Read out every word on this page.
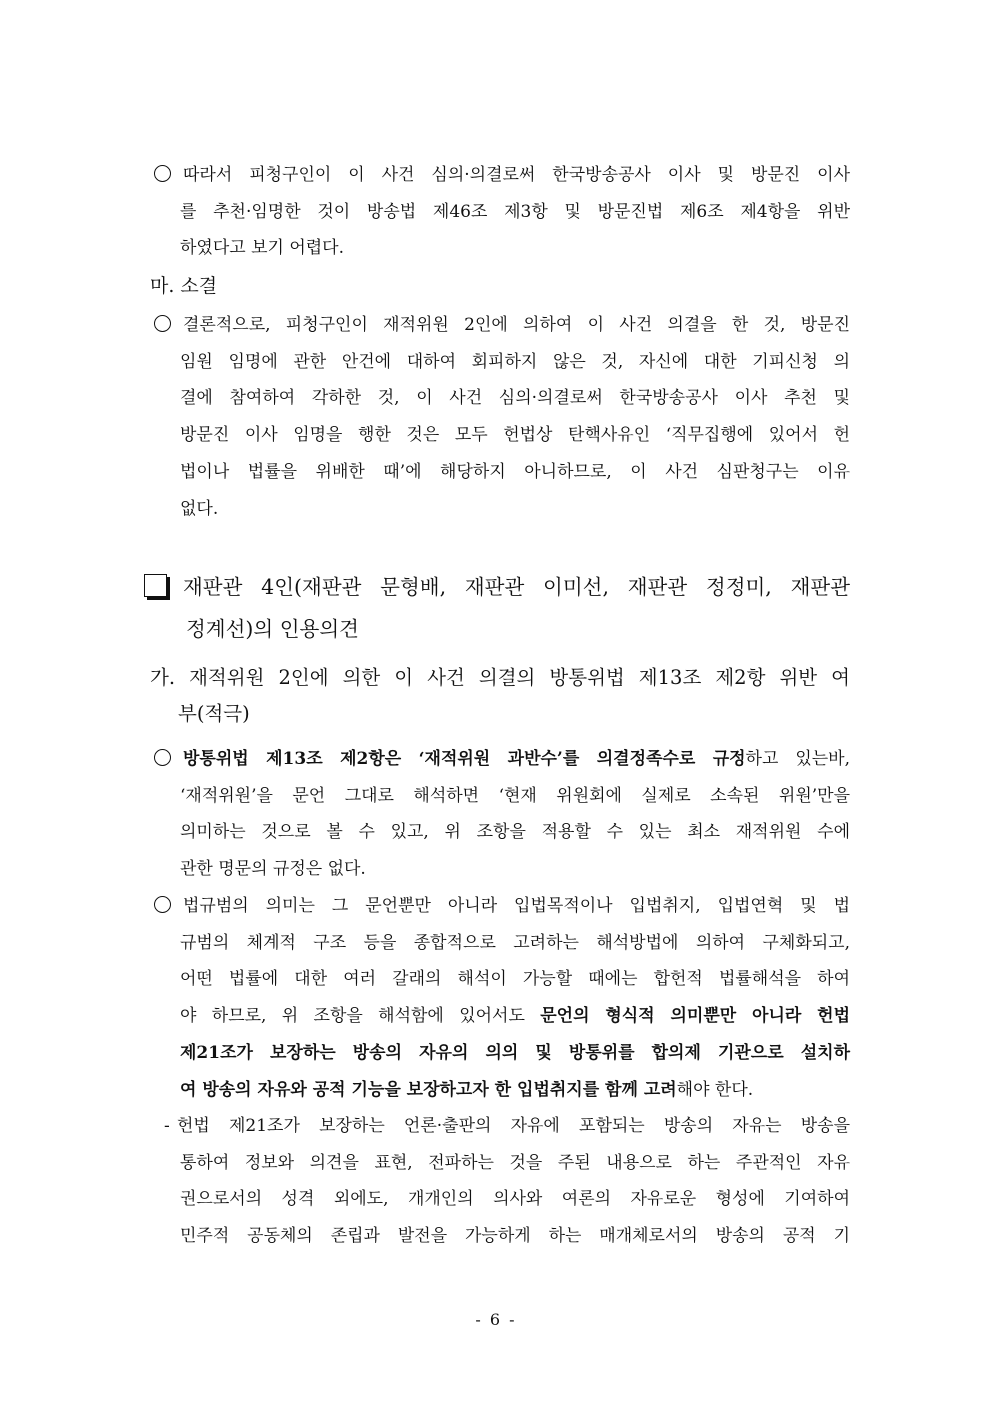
따라서 피청구인이 이 사건 심의·의결로써 한국방송공사 이사 및 방문진 이사
를 추천·임명한 것이 방송법 제46조 제3항 및 방문진법 제6조 제4항을 위반
하였다고 보기 어렵다.
마. 소결
결론적으로, 피청구인이 재적위원 2인에 의하여 이 사건 의결을 한 것, 방문진
임원 임명에 관한 안건에 대하여 회피하지 않은 것, 자신에 대한 기피신청 의
결에 참여하여 각하한 것, 이 사건 심의·의결로써 한국방송공사 이사 추천 및
방문진 이사 임명을 행한 것은 모두 헌법상 탄핵사유인 ‘직무집행에 있어서 헌
법이나 법률을 위배한 때’에 해당하지 아니하므로, 이 사건 심판청구는 이유
없다.
재판관 4인(재판관 문형배, 재판관 이미선, 재판관 정정미, 재판관
정계선)의 인용의견
가. 재적위원 2인에 의한 이 사건 의결의 방통위법 제13조 제2항 위반 여
부(적극)
방통위법 제13조 제2항은 ‘재적위원 과반수’를 의결정족수로 규정하고 있는바,
‘재적위원’을 문언 그대로 해석하면 ‘현재 위원회에 실제로 소속된 위원’만을
의미하는 것으로 볼 수 있고, 위 조항을 적용할 수 있는 최소 재적위원 수에
관한 명문의 규정은 없다.
법규범의 의미는 그 문언뿐만 아니라 입법목적이나 입법취지, 입법연혁 및 법
규범의 체계적 구조 등을 종합적으로 고려하는 해석방법에 의하여 구체화되고,
어떤 법률에 대한 여러 갈래의 해석이 가능할 때에는 합헌적 법률해석을 하여
야 하므로, 위 조항을 해석함에 있어서도 문언의 형식적 의미뿐만 아니라 헌법
제21조가 보장하는 방송의 자유의 의의 및 방통위를 합의제 기관으로 설치하
여 방송의 자유와 공적 기능을 보장하고자 한 입법취지를 함께 고려해야 한다.
- 헌법 제21조가 보장하는 언론·출판의 자유에 포함되는 방송의 자유는 방송을
통하여 정보와 의견을 표현, 전파하는 것을 주된 내용으로 하는 주관적인 자유
권으로서의 성격 외에도, 개개인의 의사와 여론의 자유로운 형성에 기여하여
민주적 공동체의 존립과 발전을 가능하게 하는 매개체로서의 방송의 공적 기
- 6 -
